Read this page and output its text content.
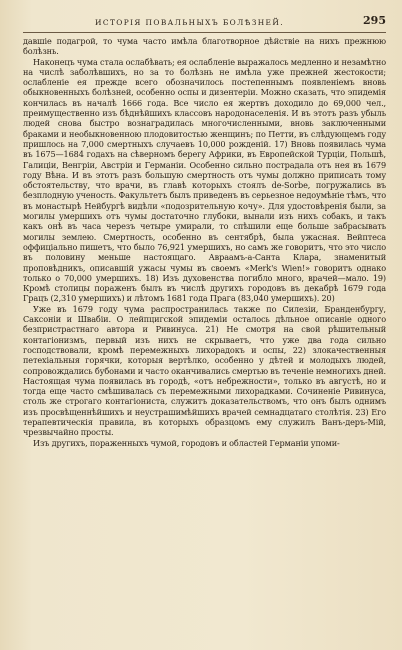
ИСТОРІЯ ПОВАЛЬНЫХЪ БОЛѢЗНЕЙ.	295

давшіе подагрой, то чума часто имѣла благотворное дѣйствіе на нихъ прежнюю болѣзнь.

Наконецъ чума стала ослабѣвать; ея ослабленіе выражалось медленно и незамѣтно на числѣ заболѣвшихъ, но за то болѣзнь не имѣла уже прежней жестокости; ослабленіе ея прежде всего обозначилось постепеннымъ появленіемъ вновь обыкновенныхъ болѣзней, особенно оспы и дизентеріи. Можно сказать, что эпидемія кончилась въ началѣ 1666 года. Все число ея жертвъ доходило до 69,000 чел., преимущественно изъ бѣднѣйшихъ классовъ народонаселенія. И въ этотъ разъ убыль людей снова быстро вознаградилась многочисленными, вновь заключенными браками и необыкновенною плодовитостью женщинъ; по Петти, въ слѣдующемъ году пришлось на 7,000 смертныхъ случаевъ 10,000 рожденій. 17) Вновь появилась чума въ 1675—1684 годахъ на сѣверномъ берегу Африки, въ Европейской Турціи, Польшѣ, Галиціи, Венгріи, Австріи и Германіи. Особенно сильно пострадала отъ нея въ 1679 году Вѣна. И въ этотъ разъ большую смертность отъ чумы должно приписать тому обстоятельству, что врачи, въ главѣ которыхъ стоялъ de-Sorbe, погружались въ безплодную ученость. Факультетъ былъ приведенъ въ серьезное недоумѣніе тѣмъ, что въ монастырѣ Нейбургѣ видѣли «подозрительную кочу». Для удостовѣренія были, за могилы умершихъ отъ чумы достаточно глубоки, вынали изъ нихъ собакъ, и такъ какъ онѣ въ часа черезъ четыре умирали, то спѣшили еще больше забрасывать могилы землею. Смертность, особенно въ сентябрѣ, была ужасная. Вейптеса оффиціально пишетъ, что было 76,921 умершихъ, но самъ же говоритъ, что это число въ половину меньше настоящаго. Авраамъ-а-Санта Клара, знаменитый проповѣдникъ, описавшій ужасы чумы въ своемъ «Merk's Wien!» говоритъ однако только о 70,000 умершихъ. 18) Изъ духовенства погибло много, врачей—мало. 19) Кромѣ столицы пораженъ былъ въ числѣ другихъ городовъ въ декабрѣ 1679 года Грацъ (2,310 умершихъ) и лѣтомъ 1681 года Прага (83,040 умершихъ). 20)

Уже въ 1679 году чума распространилась также по Силезіи, Бранденбургу, Саксоніи и Швабіи. О лейпцигской эпидеміи осталось дѣльное описаніе одного безпристрастнаго автора и Ривинуса. 21) Не смотря на свой рѣшительный контагіонизмъ, первый изъ нихъ не скрываетъ, что уже два года сильно господствовали, кромѣ перемежныхъ лихорадокъ и оспы, 22) злокачественныя петехіальныя горячки, которыя вертѣлко, особенно у дѣтей и молодыхъ людей, сопровождались бубонами и часто оканчивались смертью въ теченіе немногихъ дней. Настоящая чума появилась въ городѣ, «отъ небрежности», только въ августѣ, но и тогда еще часто смѣшивалась съ перемежными лихорадками. Сочиненіе Ривинуса, столь же строгаго контагіониста, служитъ доказательствомъ, что онъ былъ однимъ изъ просвѣщеннѣйшихъ и неустрашимѣйшихъ врачей семнадцатаго столѣтія. 23) Его терапевтическія правила, въ которыхъ образцомъ ему служилъ Ванъ-деръ-Мій, чрезвычайно просты.

Изъ другихъ, пораженныхъ чумой, городовъ и областей Германіи упоми-
